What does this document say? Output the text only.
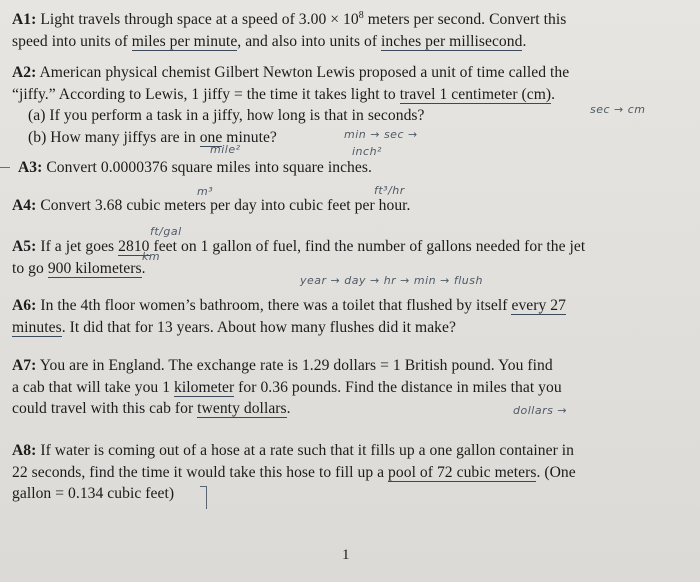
A1: Light travels through space at a speed of $3.00 \times 10^8$ meters per second. Convert this
speed into units of miles per minute, and also into units of inches per millisecond.
A2: American physical chemist Gilbert Newton Lewis proposed a unit of time called the
“jiffy.” According to Lewis, 1 jiffy = the time it takes light to travel 1 centimeter (cm).
(a) If you perform a task in a jiffy, how long is that in seconds?
(b) How many jiffys are in one minute?
sec → cm
min → sec →
mile²	inch²
A3: Convert 0.0000376 square miles into square inches.
m³	ft³/hr
A4: Convert 3.68 cubic meters per day into cubic feet per hour.
ft/gal
A5: If a jet goes 2810 feet on 1 gallon of fuel, find the number of gallons needed for the jet
to go 900 kilometers.
km
year → day → hr → min → flush
A6: In the 4th floor women’s bathroom, there was a toilet that flushed by itself every 27
minutes. It did that for 13 years. About how many flushes did it make?
A7: You are in England. The exchange rate is 1.29 dollars = 1 British pound. You find
a cab that will take you 1 kilometer for 0.36 pounds. Find the distance in miles that you
could travel with this cab for twenty dollars.	dollars →
A8: If water is coming out of a hose at a rate such that it fills up a one gallon container in
22 seconds, find the time it would take this hose to fill up a pool of 72 cubic meters. (One
gallon = 0.134 cubic feet)
1
